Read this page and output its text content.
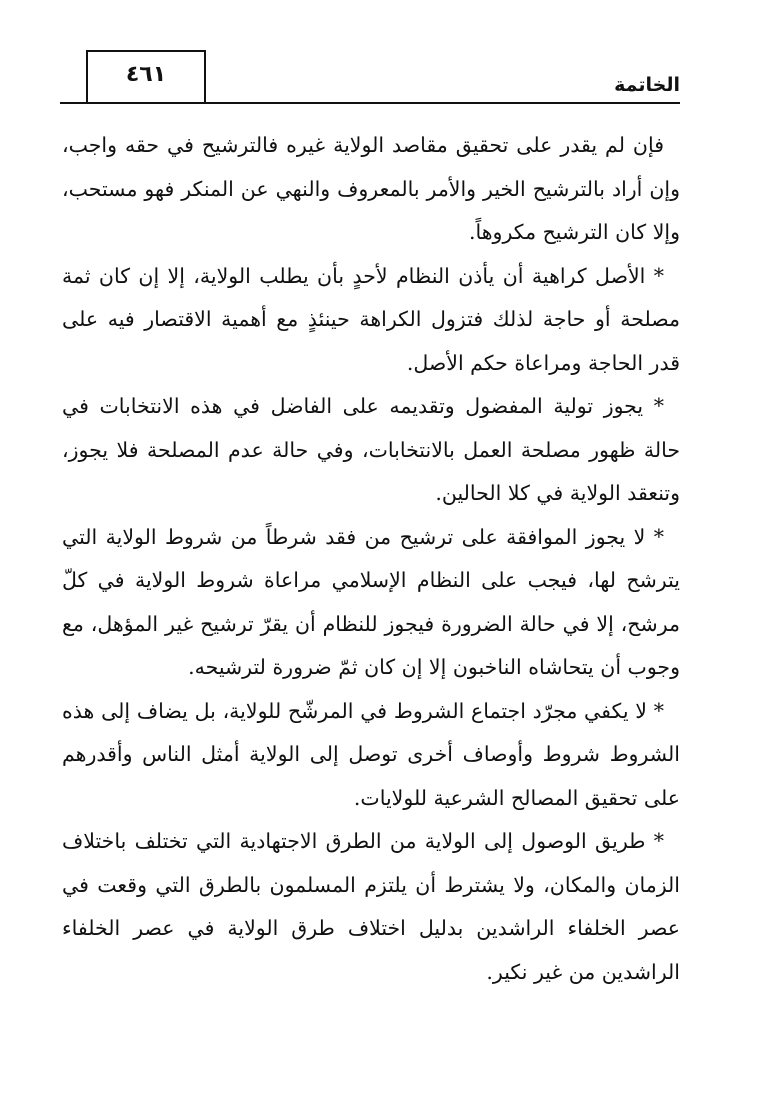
٤٦١	الخاتمة

فإن لم يقدر على تحقيق مقاصد الولاية غيره فالترشيح في حقه واجب، وإن أراد بالترشيح الخير والأمر بالمعروف والنهي عن المنكر فهو مستحب، وإلا كان الترشيح مكروهاً.

* الأصل كراهية أن يأذن النظام لأحدٍ بأن يطلب الولاية، إلا إن كان ثمة مصلحة أو حاجة لذلك فتزول الكراهة حينئذٍ مع أهمية الاقتصار فيه على قدر الحاجة ومراعاة حكم الأصل.

* يجوز تولية المفضول وتقديمه على الفاضل في هذه الانتخابات في حالة ظهور مصلحة العمل بالانتخابات، وفي حالة عدم المصلحة فلا يجوز، وتنعقد الولاية في كلا الحالين.

* لا يجوز الموافقة على ترشيح من فقد شرطاً من شروط الولاية التي يترشح لها، فيجب على النظام الإسلامي مراعاة شروط الولاية في كلّ مرشح، إلا في حالة الضرورة فيجوز للنظام أن يقرّ ترشيح غير المؤهل، مع وجوب أن يتحاشاه الناخبون إلا إن كان ثمّ ضرورة لترشيحه.

* لا يكفي مجرّد اجتماع الشروط في المرشّح للولاية، بل يضاف إلى هذه الشروط شروط وأوصاف أخرى توصل إلى الولاية أمثل الناس وأقدرهم على تحقيق المصالح الشرعية للولايات.

* طريق الوصول إلى الولاية من الطرق الاجتهادية التي تختلف باختلاف الزمان والمكان، ولا يشترط أن يلتزم المسلمون بالطرق التي وقعت في عصر الخلفاء الراشدين بدليل اختلاف طرق الولاية في عصر الخلفاء الراشدين من غير نكير.
